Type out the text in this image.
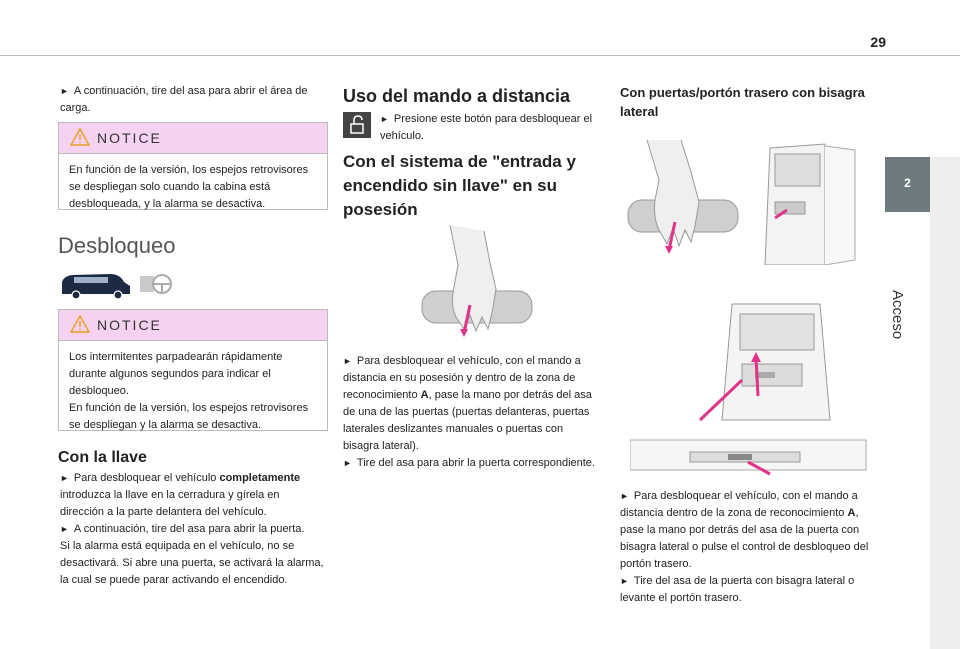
29
2
Acceso
► A continuación, tire del asa para abrir el área de carga.
NOTICE
En función de la versión, los espejos retrovisores se despliegan solo cuando la cabina está desbloqueada, y la alarma se desactiva.
Desbloqueo
NOTICE
Los intermitentes parpadearán rápidamente durante algunos segundos para indicar el desbloqueo.
En función de la versión, los espejos retrovisores se despliegan y la alarma se desactiva.
Con la llave
► Para desbloquear el vehículo completamente introduzca la llave en la cerradura y gírela en dirección a la parte delantera del vehículo.
► A continuación, tire del asa para abrir la puerta.
Si la alarma está equipada en el vehículo, no se desactivará. Si abre una puerta, se activará la alarma, la cual se puede parar activando el encendido.
Uso del mando a distancia
► Presione este botón para desbloquear el vehículo.
Con el sistema de "entrada y encendido sin llave" en su posesión
► Para desbloquear el vehículo, con el mando a distancia en su posesión y dentro de la zona de reconocimiento A, pase la mano por detrás del asa de una de las puertas (puertas delanteras, puertas laterales deslizantes manuales o puertas con bisagra lateral).
► Tire del asa para abrir la puerta correspondiente.
Con puertas/portón trasero con bisagra lateral
► Para desbloquear el vehículo, con el mando a distancia dentro de la zona de reconocimiento A, pase la mano por detrás del asa de la puerta con bisagra lateral o pulse el control de desbloqueo del portón trasero.
► Tire del asa de la puerta con bisagra lateral o levante el portón trasero.
